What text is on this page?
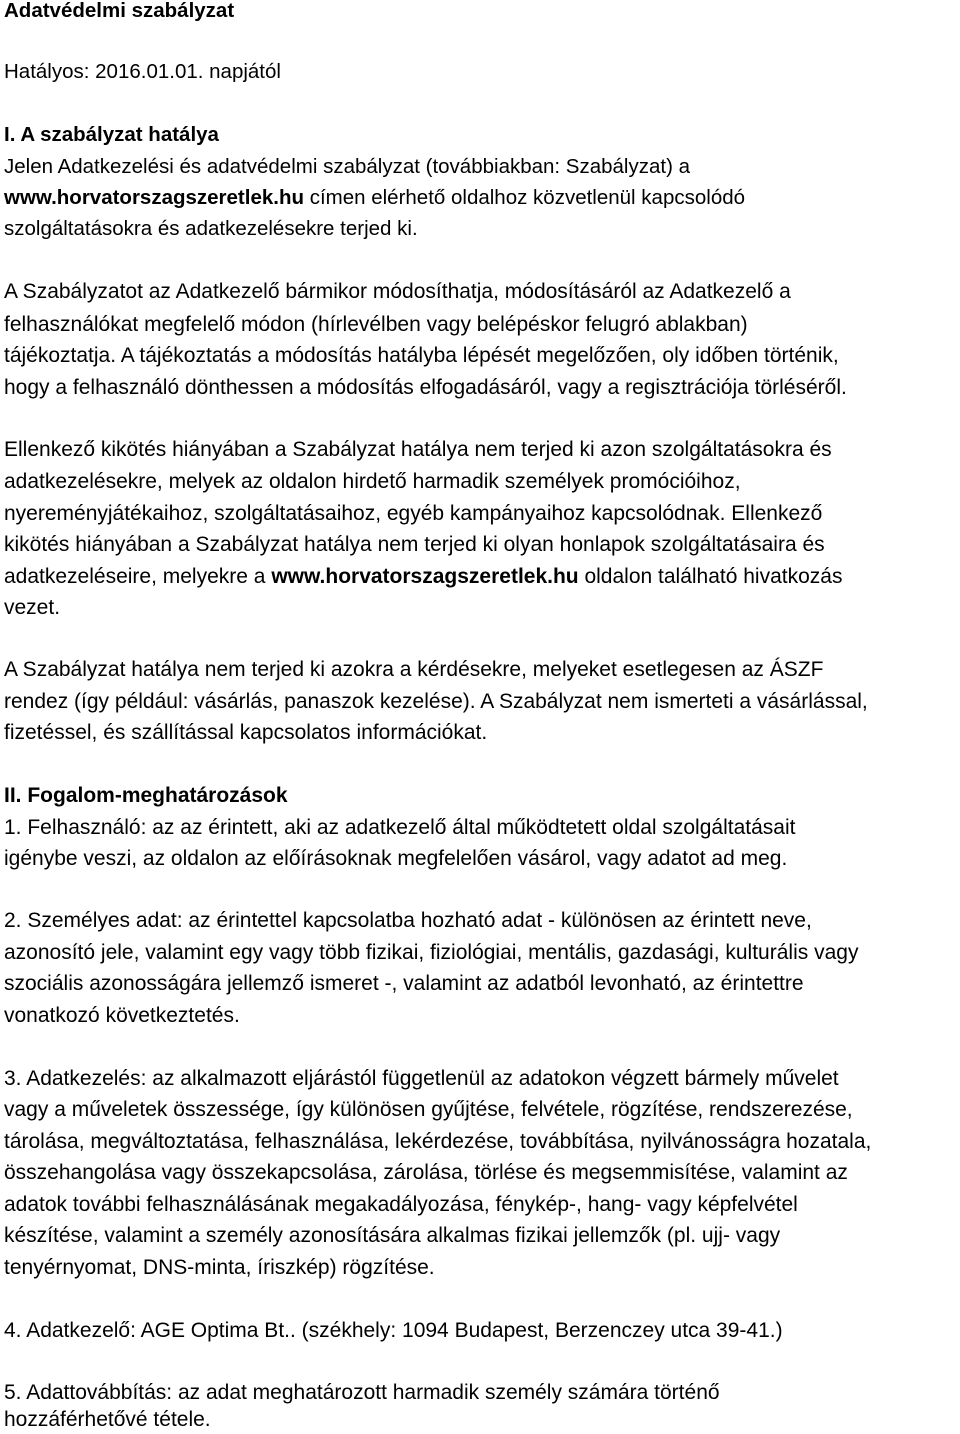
Adatvédelmi szabályzat
Hatályos: 2016.01.01. napjától
I. A szabályzat hatálya
Jelen Adatkezelési és adatvédelmi szabályzat (továbbiakban: Szabályzat) a
www.horvatorszagszeretlek.hu címen elérhető oldalhoz közvetlenül kapcsolódó
szolgáltatásokra és adatkezelésekre terjed ki.
A Szabályzatot az Adatkezelő bármikor módosíthatja, módosításáról az Adatkezelő a
felhasználókat megfelelő módon (hírlevélben vagy belépéskor felugró ablakban)
tájékoztatja. A tájékoztatás a módosítás hatályba lépését megelőzően, oly időben történik,
hogy a felhasználó dönthessen a módosítás elfogadásáról, vagy a regisztrációja törléséről.
Ellenkező kikötés hiányában a Szabályzat hatálya nem terjed ki azon szolgáltatásokra és
adatkezelésekre, melyek az oldalon hirdető harmadik személyek promócióihoz,
nyereményjátékaihoz, szolgáltatásaihoz, egyéb kampányaihoz kapcsolódnak. Ellenkező
kikötés hiányában a Szabályzat hatálya nem terjed ki olyan honlapok szolgáltatásaira és
adatkezeléseire, melyekre a www.horvatorszagszeretlek.hu oldalon található hivatkozás
vezet.
A Szabályzat hatálya nem terjed ki azokra a kérdésekre, melyeket esetlegesen az ÁSZF
rendez (így például: vásárlás, panaszok kezelése). A Szabályzat nem ismerteti a vásárlással,
fizetéssel, és szállítással kapcsolatos információkat.
II. Fogalom-meghatározások
1. Felhasználó: az az érintett, aki az adatkezelő által működtetett oldal szolgáltatásait
igénybe veszi, az oldalon az előírásoknak megfelelően vásárol, vagy adatot ad meg.
2. Személyes adat: az érintettel kapcsolatba hozható adat - különösen az érintett neve,
azonosító jele, valamint egy vagy több fizikai, fiziológiai, mentális, gazdasági, kulturális vagy
szociális azonosságára jellemző ismeret -, valamint az adatból levonható, az érintettre
vonatkozó következtetés.
3. Adatkezelés: az alkalmazott eljárástól függetlenül az adatokon végzett bármely művelet
vagy a műveletek összessége, így különösen gyűjtése, felvétele, rögzítése, rendszerezése,
tárolása, megváltoztatása, felhasználása, lekérdezése, továbbítása, nyilvánosságra hozatala,
összehangolása vagy összekapcsolása, zárolása, törlése és megsemmisítése, valamint az
adatok további felhasználásának megakadályozása, fénykép-, hang- vagy képfelvétel
készítése, valamint a személy azonosítására alkalmas fizikai jellemzők (pl. ujj- vagy
tenyérnyomat, DNS-minta, íriszkép) rögzítése.
4. Adatkezelő: AGE Optima Bt.. (székhely: 1094 Budapest, Berzenczey utca 39-41.)
5. Adattovábbítás: az adat meghatározott harmadik személy számára történő
hozzáférhetővé tétele.
